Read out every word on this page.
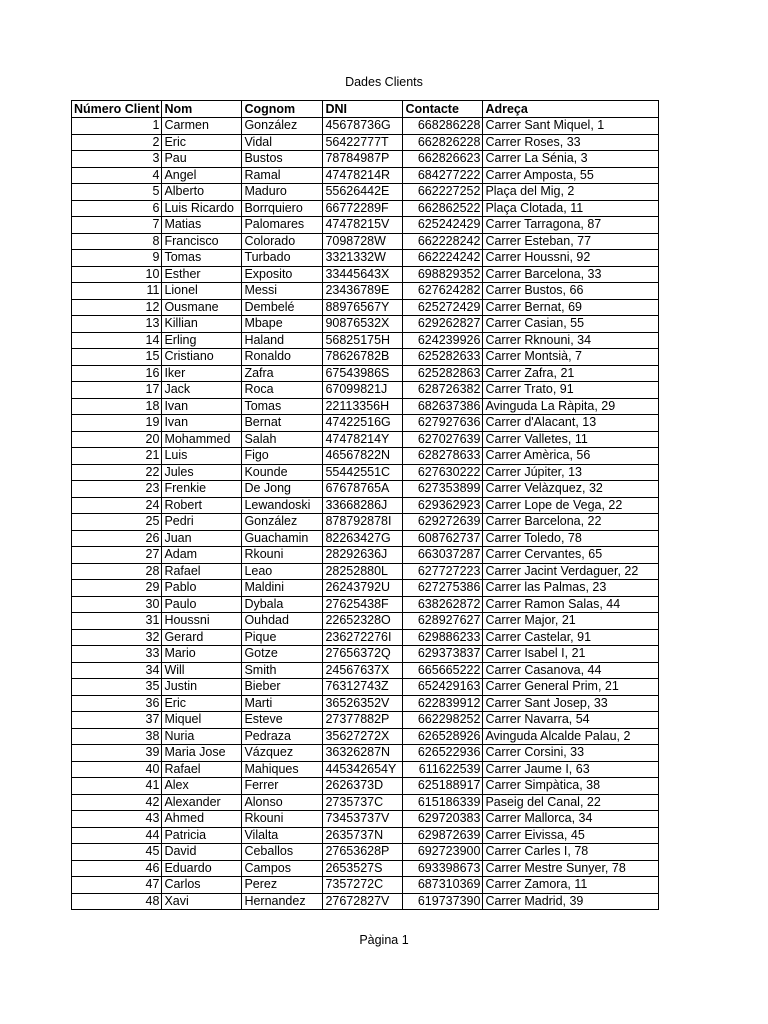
Dades Clients
Número Client	Nom	Cognom	DNI	Contacte	Adreça
1	Carmen	González	45678736G	668286228	Carrer Sant Miquel, 1
2	Eric	Vidal	56422777T	662826228	Carrer Roses, 33
3	Pau	Bustos	78784987P	662826623	Carrer La Sénia, 3
4	Angel	Ramal	47478214R	684277222	Carrer Amposta, 55
5	Alberto	Maduro	55626442E	662227252	Plaça del Mig, 2
6	Luis Ricardo	Borrquiero	66772289F	662862522	Plaça Clotada, 11
7	Matias	Palomares	47478215V	625242429	Carrer Tarragona, 87
8	Francisco	Colorado	7098728W	662228242	Carrer Esteban, 77
9	Tomas	Turbado	3321332W	662224242	Carrer Houssni, 92
10	Esther	Exposito	33445643X	698829352	Carrer Barcelona, 33
11	Lionel	Messi	23436789E	627624282	Carrer Bustos, 66
12	Ousmane	Dembelé	88976567Y	625272429	Carrer Bernat, 69
13	Killian	Mbape	90876532X	629262827	Carrer Casian, 55
14	Erling	Haland	56825175H	624239926	Carrer Rknouni, 34
15	Cristiano	Ronaldo	78626782B	625282633	Carrer Montsià, 7
16	Iker	Zafra	67543986S	625282863	Carrer Zafra, 21
17	Jack	Roca	67099821J	628726382	Carrer Trato, 91
18	Ivan	Tomas	22113356H	682637386	Avinguda La Ràpita, 29
19	Ivan	Bernat	47422516G	627927636	Carrer d'Alacant, 13
20	Mohammed	Salah	47478214Y	627027639	Carrer Valletes, 11
21	Luis	Figo	46567822N	628278633	Carrer Amèrica, 56
22	Jules	Kounde	55442551C	627630222	Carrer Júpiter, 13
23	Frenkie	De Jong	67678765A	627353899	Carrer Velàzquez, 32
24	Robert	Lewandoski	33668286J	629362923	Carrer Lope de Vega, 22
25	Pedri	González	878792878I	629272639	Carrer Barcelona, 22
26	Juan	Guachamin	82263427G	608762737	Carrer Toledo, 78
27	Adam	Rkouni	28292636J	663037287	Carrer Cervantes, 65
28	Rafael	Leao	28252880L	627727223	Carrer Jacint Verdaguer, 22
29	Pablo	Maldini	26243792U	627275386	Carrer las Palmas, 23
30	Paulo	Dybala	27625438F	638262872	Carrer Ramon Salas, 44
31	Houssni	Ouhdad	22652328O	628927627	Carrer Major, 21
32	Gerard	Pique	236272276I	629886233	Carrer Castelar, 91
33	Mario	Gotze	27656372Q	629373837	Carrer Isabel I, 21
34	Will	Smith	24567637X	665665222	Carrer Casanova, 44
35	Justin	Bieber	76312743Z	652429163	Carrer General Prim, 21
36	Eric	Marti	36526352V	622839912	Carrer Sant Josep, 33
37	Miquel	Esteve	27377882P	662298252	Carrer Navarra, 54
38	Nuria	Pedraza	35627272X	626528926	Avinguda Alcalde Palau, 2
39	Maria Jose	Vázquez	36326287N	626522936	Carrer Corsini, 33
40	Rafael	Mahiques	445342654Y	611622539	Carrer Jaume I, 63
41	Alex	Ferrer	2626373D	625188917	Carrer Simpàtica, 38
42	Alexander	Alonso	2735737C	615186339	Paseig del Canal, 22
43	Ahmed	Rkouni	73453737V	629720383	Carrer Mallorca, 34
44	Patricia	Vilalta	2635737N	629872639	Carrer Eivissa, 45
45	David	Ceballos	27653628P	692723900	Carrer Carles I, 78
46	Eduardo	Campos	2653527S	693398673	Carrer Mestre Sunyer, 78
47	Carlos	Perez	7357272C	687310369	Carrer Zamora, 11
48	Xavi	Hernandez	27672827V	619737390	Carrer Madrid, 39
Pàgina 1
